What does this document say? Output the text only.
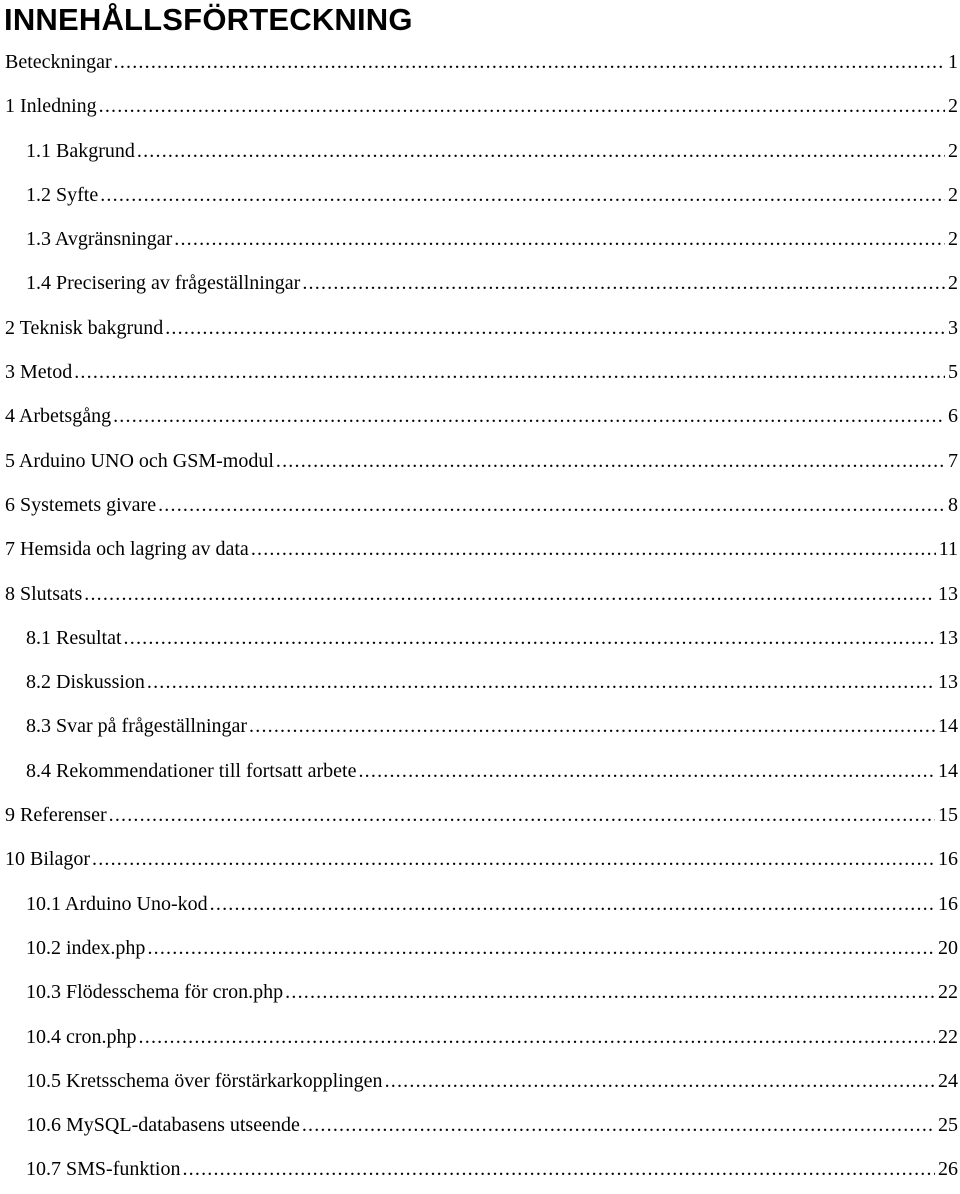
INNEHÅLLSFÖRTECKNING
Beteckningar . . .	1
1 Inledning . . .	2
1.1 Bakgrund . . .	2
1.2 Syfte . . .	2
1.3 Avgränsningar . . .	2
1.4 Precisering av frågeställningar . . .	2
2 Teknisk bakgrund . . .	3
3 Metod . . .	5
4 Arbetsgång . . .	6
5 Arduino UNO och GSM-modul . . .	7
6 Systemets givare . . .	8
7 Hemsida och lagring av data . . .	11
8 Slutsats . . .	13
8.1 Resultat . . .	13
8.2 Diskussion . . .	13
8.3 Svar på frågeställningar . . .	14
8.4 Rekommendationer till fortsatt arbete . . .	14
9 Referenser . . .	15
10 Bilagor . . .	16
10.1 Arduino Uno-kod . . .	16
10.2 index.php . . .	20
10.3 Flödesschema för cron.php . . .	22
10.4 cron.php . . .	22
10.5 Kretsschema över förstärkarkopplingen . . .	24
10.6 MySQL-databasens utseende . . .	25
10.7 SMS-funktion . . .	26
